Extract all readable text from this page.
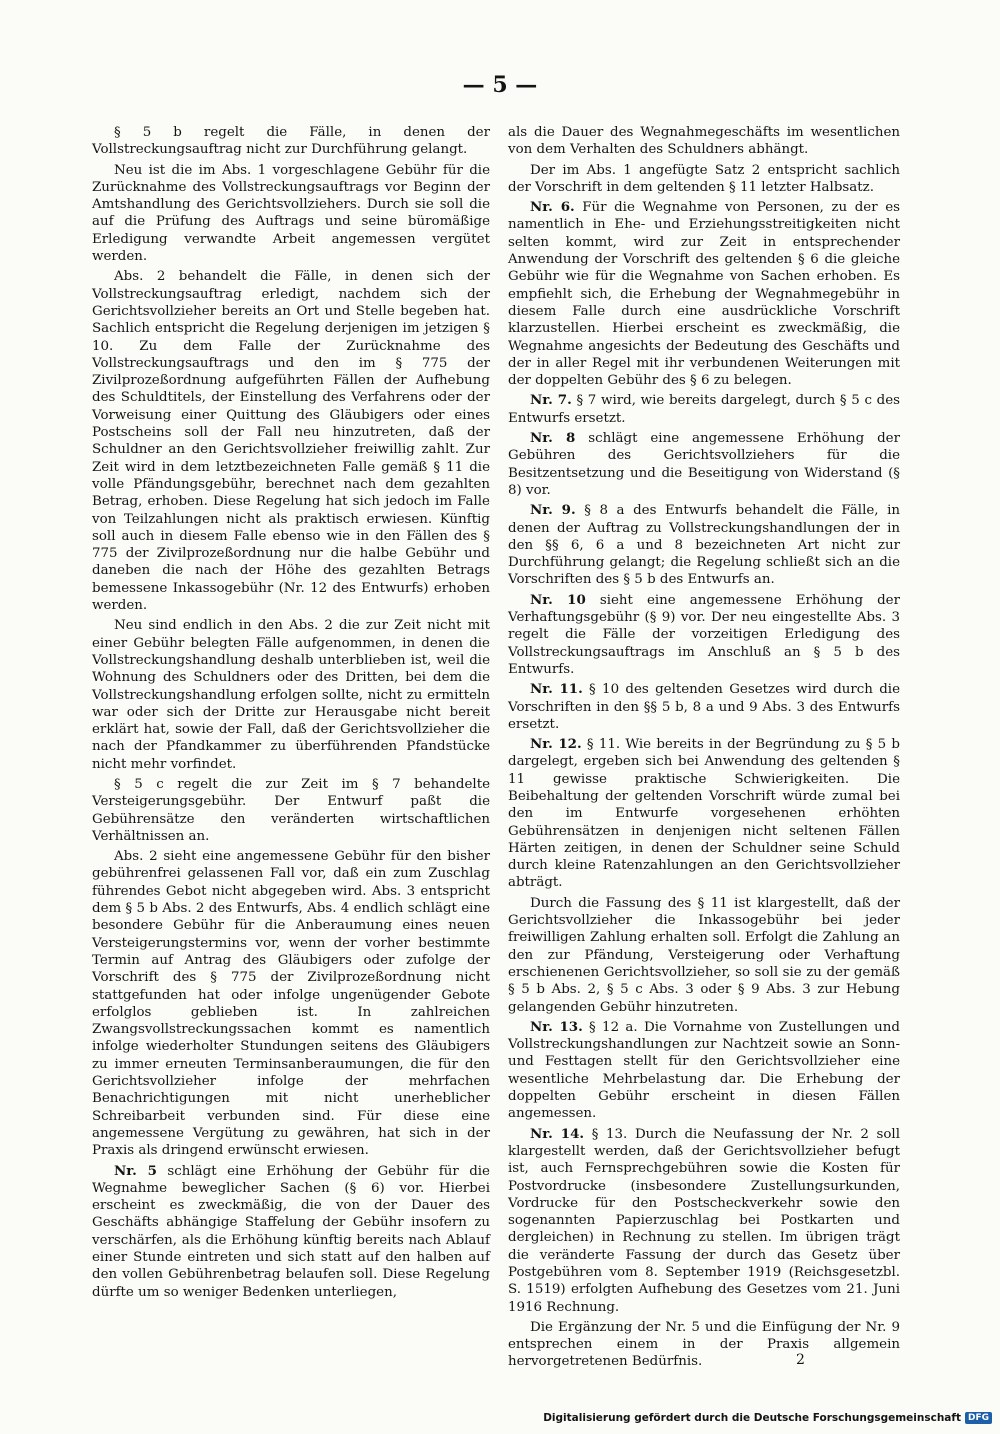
— 5 —

§ 5 b regelt die Fälle, in denen der Vollstreckungsauftrag nicht zur Durchführung gelangt.

Neu ist die im Abs. 1 vorgeschlagene Gebühr für die Zurücknahme des Vollstreckungsauftrags vor Beginn der Amtshandlung des Gerichtsvollziehers. Durch sie soll die auf die Prüfung des Auftrags und seine büromäßige Erledigung verwandte Arbeit angemessen vergütet werden.

Abs. 2 behandelt die Fälle, in denen sich der Vollstreckungsauftrag erledigt, nachdem sich der Gerichtsvollzieher bereits an Ort und Stelle begeben hat. Sachlich entspricht die Regelung derjenigen im jetzigen § 10. Zu dem Falle der Zurücknahme des Vollstreckungsauftrags und den im § 775 der Zivilprozeßordnung aufgeführten Fällen der Aufhebung des Schuldtitels, der Einstellung des Verfahrens oder der Vorweisung einer Quittung des Gläubigers oder eines Postscheins soll der Fall neu hinzutreten, daß der Schuldner an den Gerichtsvollzieher freiwillig zahlt. Zur Zeit wird in dem letztbezeichneten Falle gemäß § 11 die volle Pfändungsgebühr, berechnet nach dem gezahlten Betrag, erhoben. Diese Regelung hat sich jedoch im Falle von Teilzahlungen nicht als praktisch erwiesen. Künftig soll auch in diesem Falle ebenso wie in den Fällen des § 775 der Zivilprozeßordnung nur die halbe Gebühr und daneben die nach der Höhe des gezahlten Betrags bemessene Inkassogebühr (Nr. 12 des Entwurfs) erhoben werden.

Neu sind endlich in den Abs. 2 die zur Zeit nicht mit einer Gebühr belegten Fälle aufgenommen, in denen die Vollstreckungshandlung deshalb unterblieben ist, weil die Wohnung des Schuldners oder des Dritten, bei dem die Vollstreckungshandlung erfolgen sollte, nicht zu ermitteln war oder sich der Dritte zur Herausgabe nicht bereit erklärt hat, sowie der Fall, daß der Gerichtsvollzieher die nach der Pfandkammer zu überführenden Pfandstücke nicht mehr vorfindet.

§ 5 c regelt die zur Zeit im § 7 behandelte Versteigerungsgebühr. Der Entwurf paßt die Gebührensätze den veränderten wirtschaftlichen Verhältnissen an.

Abs. 2 sieht eine angemessene Gebühr für den bisher gebührenfrei gelassenen Fall vor, daß ein zum Zuschlag führendes Gebot nicht abgegeben wird. Abs. 3 entspricht dem § 5 b Abs. 2 des Entwurfs, Abs. 4 endlich schlägt eine besondere Gebühr für die Anberaumung eines neuen Versteigerungstermins vor, wenn der vorher bestimmte Termin auf Antrag des Gläubigers oder zufolge der Vorschrift des § 775 der Zivilprozeßordnung nicht stattgefunden hat oder infolge ungenügender Gebote erfolglos geblieben ist. In zahlreichen Zwangsvollstreckungssachen kommt es namentlich infolge wiederholter Stundungen seitens des Gläubigers zu immer erneuten Terminsanberaumungen, die für den Gerichtsvollzieher infolge der mehrfachen Benachrichtigungen mit nicht unerheblicher Schreibarbeit verbunden sind. Für diese eine angemessene Vergütung zu gewähren, hat sich in der Praxis als dringend erwünscht erwiesen.

Nr. 5 schlägt eine Erhöhung der Gebühr für die Wegnahme beweglicher Sachen (§ 6) vor. Hierbei erscheint es zweckmäßig, die von der Dauer des Geschäfts abhängige Staffelung der Gebühr insofern zu verschärfen, als die Erhöhung künftig bereits nach Ablauf einer Stunde eintreten und sich statt auf den halben auf den vollen Gebührenbetrag belaufen soll. Diese Regelung dürfte um so weniger Bedenken unterliegen,

als die Dauer des Wegnahmegeschäfts im wesentlichen von dem Verhalten des Schuldners abhängt.

Der im Abs. 1 angefügte Satz 2 entspricht sachlich der Vorschrift in dem geltenden § 11 letzter Halbsatz.

Nr. 6. Für die Wegnahme von Personen, zu der es namentlich in Ehe- und Erziehungsstreitigkeiten nicht selten kommt, wird zur Zeit in entsprechender Anwendung der Vorschrift des geltenden § 6 die gleiche Gebühr wie für die Wegnahme von Sachen erhoben. Es empfiehlt sich, die Erhebung der Wegnahmegebühr in diesem Falle durch eine ausdrückliche Vorschrift klarzustellen. Hierbei erscheint es zweckmäßig, die Wegnahme angesichts der Bedeutung des Geschäfts und der in aller Regel mit ihr verbundenen Weiterungen mit der doppelten Gebühr des § 6 zu belegen.

Nr. 7. § 7 wird, wie bereits dargelegt, durch § 5 c des Entwurfs ersetzt.

Nr. 8 schlägt eine angemessene Erhöhung der Gebühren des Gerichtsvollziehers für die Besitzentsetzung und die Beseitigung von Widerstand (§ 8) vor.

Nr. 9. § 8 a des Entwurfs behandelt die Fälle, in denen der Auftrag zu Vollstreckungshandlungen der in den §§ 6, 6 a und 8 bezeichneten Art nicht zur Durchführung gelangt; die Regelung schließt sich an die Vorschriften des § 5 b des Entwurfs an.

Nr. 10 sieht eine angemessene Erhöhung der Verhaftungsgebühr (§ 9) vor. Der neu eingestellte Abs. 3 regelt die Fälle der vorzeitigen Erledigung des Vollstreckungsauftrags im Anschluß an § 5 b des Entwurfs.

Nr. 11. § 10 des geltenden Gesetzes wird durch die Vorschriften in den §§ 5 b, 8 a und 9 Abs. 3 des Entwurfs ersetzt.

Nr. 12. § 11. Wie bereits in der Begründung zu § 5 b dargelegt, ergeben sich bei Anwendung des geltenden § 11 gewisse praktische Schwierigkeiten. Die Beibehaltung der geltenden Vorschrift würde zumal bei den im Entwurfe vorgesehenen erhöhten Gebührensätzen in denjenigen nicht seltenen Fällen Härten zeitigen, in denen der Schuldner seine Schuld durch kleine Ratenzahlungen an den Gerichtsvollzieher abträgt.

Durch die Fassung des § 11 ist klargestellt, daß der Gerichtsvollzieher die Inkassogebühr bei jeder freiwilligen Zahlung erhalten soll. Erfolgt die Zahlung an den zur Pfändung, Versteigerung oder Verhaftung erschienenen Gerichtsvollzieher, so soll sie zu der gemäß § 5 b Abs. 2, § 5 c Abs. 3 oder § 9 Abs. 3 zur Hebung gelangenden Gebühr hinzutreten.

Nr. 13. § 12 a. Die Vornahme von Zustellungen und Vollstreckungshandlungen zur Nachtzeit sowie an Sonn- und Festtagen stellt für den Gerichtsvollzieher eine wesentliche Mehrbelastung dar. Die Erhebung der doppelten Gebühr erscheint in diesen Fällen angemessen.

Nr. 14. § 13. Durch die Neufassung der Nr. 2 soll klargestellt werden, daß der Gerichtsvollzieher befugt ist, auch Fernsprechgebühren sowie die Kosten für Postvordrucke (insbesondere Zustellungsurkunden, Vordrucke für den Postscheckverkehr sowie den sogenannten Papierzuschlag bei Postkarten und dergleichen) in Rechnung zu stellen. Im übrigen trägt die veränderte Fassung der durch das Gesetz über Postgebühren vom 8. September 1919 (Reichsgesetzbl. S. 1519) erfolgten Aufhebung des Gesetzes vom 21. Juni 1916 Rechnung.

Die Ergänzung der Nr. 5 und die Einfügung der Nr. 9 entsprechen einem in der Praxis allgemein hervorgetretenen Bedürfnis.	2
Digitalisierung gefördert durch die Deutsche Forschungsgemeinschaft DFG
